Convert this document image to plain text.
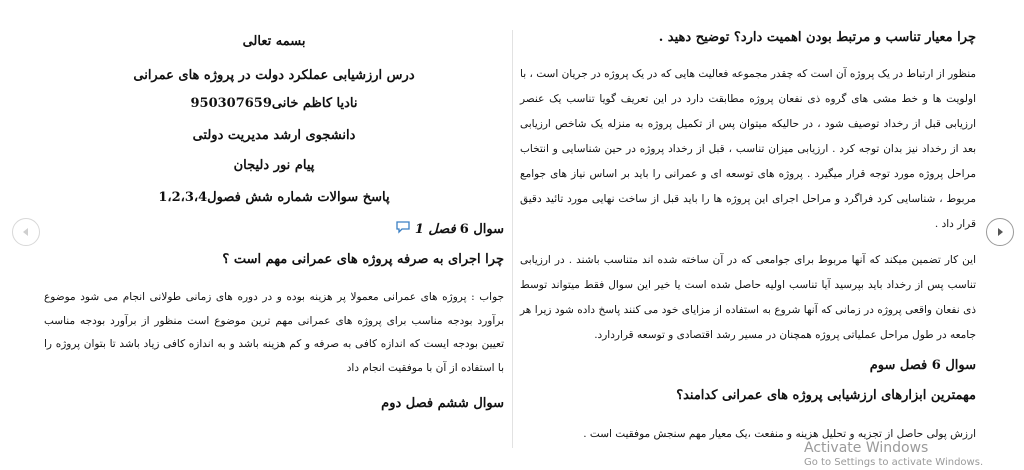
بسمه تعالی

درس ارزشیابی عملکرد دولت در پروژه های عمرانی

نادیا کاظم خانی950307659

دانشجوی ارشد مدیریت دولتی

پیام نور دلیجان

پاسخ سوالات شماره شش فصول1،2،3،4

سوال 6
فصل 1

چرا اجرای به صرفه پروژه های عمرانی مهم است ؟

جواب : پروژه های عمرانی معمولا پر هزینه بوده و در دوره های زمانی طولانی انجام می شود موضوع برآورد بودجه مناسب برای پروژه های عمرانی مهم ترین موضوع است منظور از برآورد بودجه مناسب تعیین بودجه ایست که اندازه کافی به صرفه و کم هزینه باشد و به اندازه کافی زیاد باشد تا بتوان پروژه را با استفاده از آن با موفقیت انجام داد

سوال ششم فصل دوم

چرا معیار تناسب و مرتبط بودن اهمیت دارد؟ توضیح دهید .

منظور از ارتباط در یک پروژه آن است که چقدر مجموعه فعالیت هایی که در یک پروژه در جریان است ، با اولویت ها و خط مشی های گروه ذی نفعان پروژه مطابقت دارد در این تعریف گویا تناسب یک عنصر ارزیابی قبل از رخداد توصیف شود ، در حالیکه میتوان پس از تکمیل پروژه به منزله یک شاخص ارزیابی بعد از رخداد نیز بدان توجه کرد . ارزیابی میزان تناسب ، قبل از رخداد پروژه در حین شناسایی و انتخاب مراحل پروژه مورد توجه قرار میگیرد . پروژه های توسعه ای و عمرانی را باید بر اساس نیاز های جوامع مربوط ، شناسایی کرد فراگرد و مراحل اجرای این پروژه ها را باید قبل از ساخت نهایی مورد تائید دقیق قرار داد .

این کار تضمین میکند که آنها مربوط برای جوامعی که در آن ساخته شده اند متناسب باشند . در ارزیابی تناسب پس از رخداد باید بپرسید آیا تناسب اولیه حاصل شده است یا خیر این سوال فقط میتواند توسط ذی نفعان واقعی پروژه در زمانی که آنها شروع به استفاده از مزایای خود می کنند پاسخ داده شود زیرا هر جامعه در طول مراحل عملیاتی پروژه همچنان در مسیر رشد اقتصادی و توسعه قراردارد.

سوال 6 فصل سوم

مهمترین ابزارهای ارزشیابی پروژه های عمرانی کدامند؟

ارزش پولی حاصل از تجزیه و تحلیل هزینه و منفعت ،یک معیار مهم سنجش موفقیت است .

Activate Windows
Go to Settings to activate Windows.
